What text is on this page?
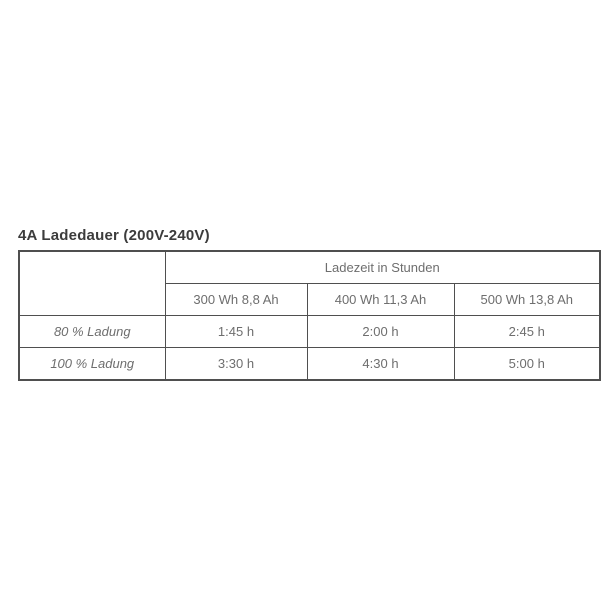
4A Ladedauer (200V-240V)
	Ladezeit in Stunden		
	300 Wh 8,8 Ah	400 Wh 11,3 Ah	500 Wh 13,8 Ah
80 % Ladung	1:45 h	2:00 h	2:45 h
100 % Ladung	3:30 h	4:30 h	5:00 h
